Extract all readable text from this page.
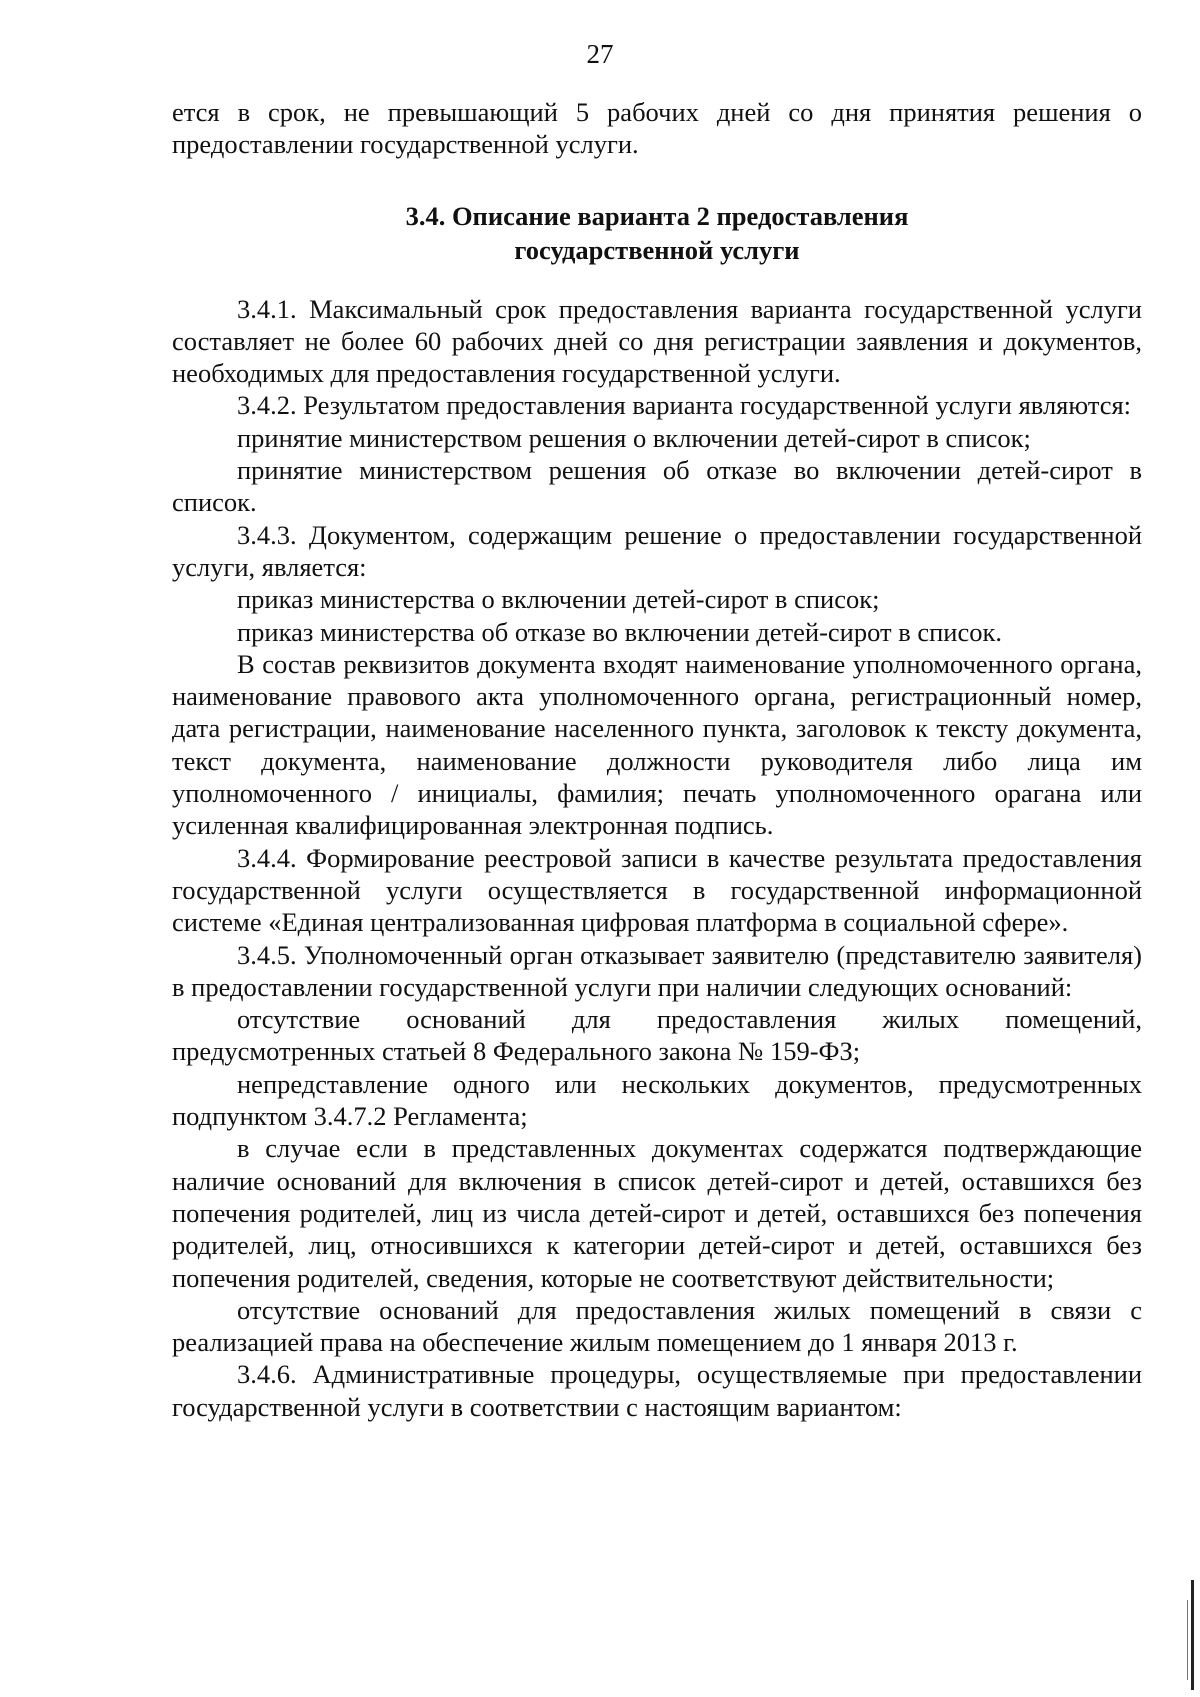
27

ется в срок, не превышающий 5 рабочих дней со дня принятия решения о предоставлении государственной услуги.

3.4. Описание варианта 2 предоставления
государственной услуги

3.4.1. Максимальный срок предоставления варианта государственной услуги составляет не более 60 рабочих дней со дня регистрации заявления и документов, необходимых для предоставления государственной услуги.

3.4.2. Результатом предоставления варианта государственной услуги являются:

принятие министерством решения о включении детей-сирот в список;

принятие министерством решения об отказе во включении детей-сирот в список.

3.4.3. Документом, содержащим решение о предоставлении государственной услуги, является:

приказ министерства о включении детей-сирот в список;

приказ министерства об отказе во включении детей-сирот в список.

В состав реквизитов документа входят наименование уполномоченного органа, наименование правового акта уполномоченного органа, регистрационный номер, дата регистрации, наименование населенного пункта, заголовок к тексту документа, текст документа, наименование должности руководителя либо лица им уполномоченного / инициалы, фамилия; печать уполномоченного орагана или усиленная квалифицированная электронная подпись.

3.4.4. Формирование реестровой записи в качестве результата предоставления государственной услуги осуществляется в государственной информационной системе «Единая централизованная цифровая платформа в социальной сфере».

3.4.5. Уполномоченный орган отказывает заявителю (представителю заявителя) в предоставлении государственной услуги при наличии следующих оснований:

отсутствие оснований для предоставления жилых помещений, предусмотренных статьей 8 Федерального закона № 159-ФЗ;

непредставление одного или нескольких документов, предусмотренных подпунктом 3.4.7.2 Регламента;

в случае если в представленных документах содержатся подтверждающие наличие оснований для включения в список детей-сирот и детей, оставшихся без попечения родителей, лиц из числа детей-сирот и детей, оставшихся без попечения родителей, лиц, относившихся к категории детей-сирот и детей, оставшихся без попечения родителей, сведения, которые не соответствуют действительности;

отсутствие оснований для предоставления жилых помещений в связи с реализацией права на обеспечение жилым помещением до 1 января 2013 г.

3.4.6. Административные процедуры, осуществляемые при предоставлении государственной услуги в соответствии с настоящим вариантом:
